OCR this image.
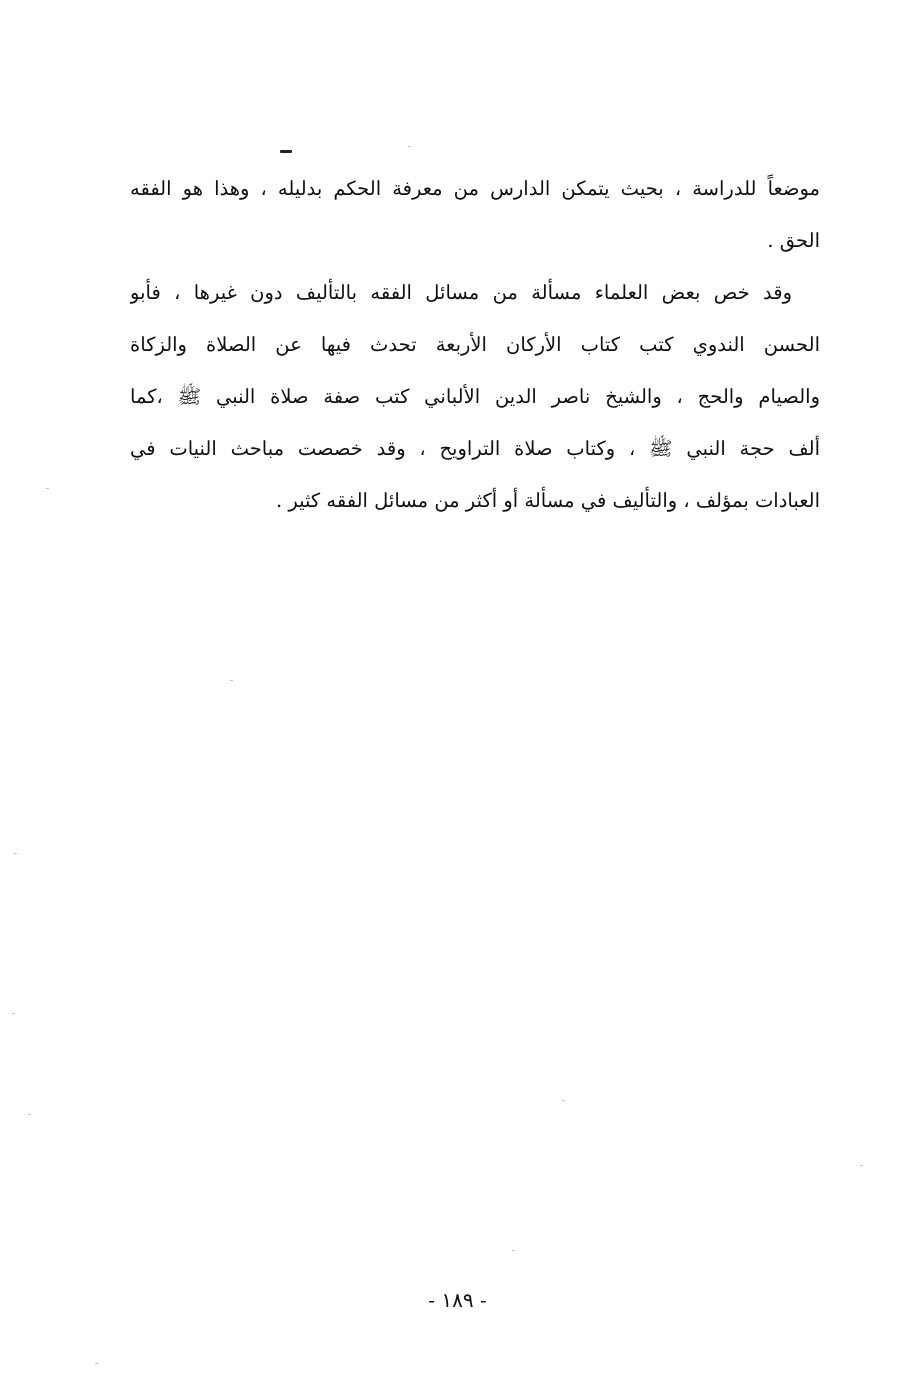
موضعاً للدراسة ، بحيث يتمكن الدارس من معرفة الحكم بدليله ، وهذا هو الفقه
الحق .
وقد خص بعض العلماء مسألة من مسائل الفقه بالتأليف دون غيرها ، فأبو
الحسن الندوي كتب كتاب الأركان الأربعة تحدث فيها عن الصلاة والزكاة
والصيام والحج ، والشيخ ناصر الدين الألباني كتب صفة صلاة النبي ﷺ ،كما
ألف حجة النبي ﷺ ، وكتاب صلاة التراويح ، وقد خصصت مباحث النيات في
العبادات بمؤلف ، والتأليف في مسألة أو أكثر من مسائل الفقه كثير .
- ١٨٩ -
